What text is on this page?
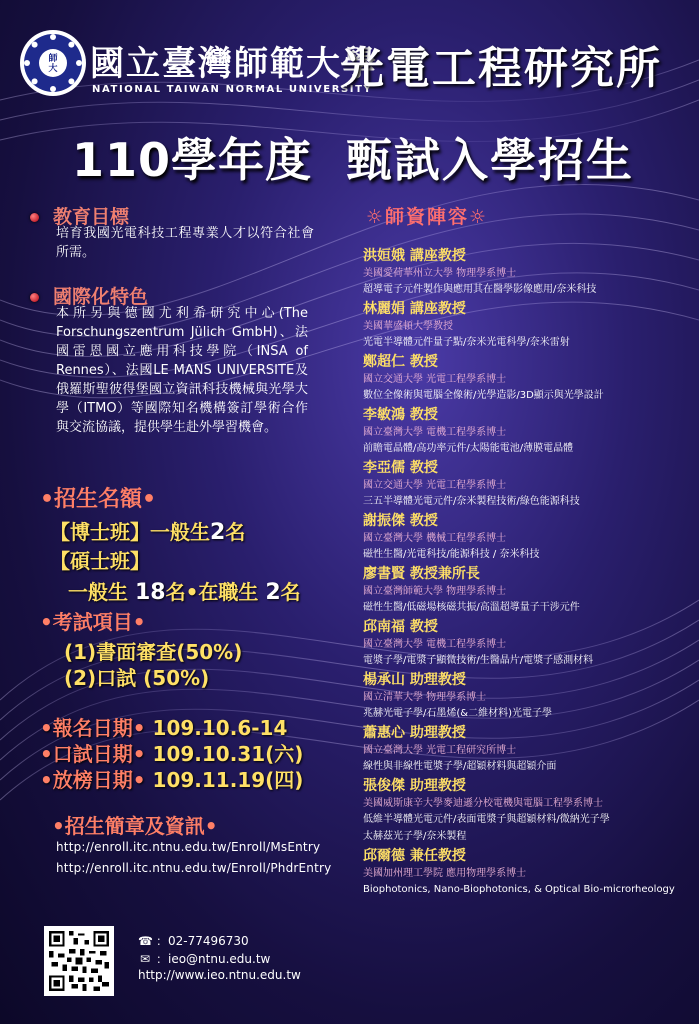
師
大 國立臺灣師範大學
NATIONAL TAIWAN NORMAL UNIVERSITY
光電工程研究所
110學年度 甄試入學招生
教育目標
培育我國光電科技工程專業人才以符合社會所需。
國際化特色
本所另與德國尤利希研究中心(The Forschungszentrum Jülich GmbH)、法國雷恩國立應用科技學院（INSA of Rennes）、法國LE MANS UNIVERSITE及俄羅斯聖彼得堡國立資訊科技機械與光學大學（ITMO）等國際知名機構簽訂學術合作與交流協議，提供學生赴外學習機會。
•招生名額•
【博士班】一般生2名
【碩士班】
一般生 18名•在職生 2名
•考試項目•
(1)書面審查(50%)
(2)口試 (50%)
•報名日期• 109.10.6-14
•口試日期• 109.10.31(六)
•放榜日期• 109.11.19(四)
•招生簡章及資訊•
http://enroll.itc.ntnu.edu.tw/Enroll/MsEntry
http://enroll.itc.ntnu.edu.tw/Enroll/PhdrEntry
☼師資陣容☼
洪姮娥 講座教授
美國愛荷華州立大學 物理學系博士
超導電子元件製作與應用其在醫學影像應用/奈米科技
林麗娟 講座教授
美國華盛頓大學教授
光電半導體元件量子點/奈米光電科學/奈米雷射
鄭超仁 教授
國立交通大學 光電工程學系博士
數位全像術與電腦全像術/光學造影/3D顯示與光學設計
李敏鴻 教授
國立臺灣大學 電機工程學系博士
前瞻電晶體/高功率元件/太陽能電池/薄膜電晶體
李亞儒 教授
國立交通大學 光電工程學系博士
三五半導體光電元件/奈米製程技術/綠色能源科技
謝振傑 教授
國立臺灣大學 機械工程學系博士
磁性生醫/光電科技/能源科技 / 奈米科技
廖書賢 教授兼所長
國立臺灣師範大學 物理學系博士
磁性生醫/低磁場核磁共振/高溫超導量子干涉元件
邱南福 教授
國立臺灣大學 電機工程學系博士
電漿子學/電漿子顯微技術/生醫晶片/電漿子感測材料
楊承山 助理教授
國立清華大學 物理學系博士
兆赫光電子學/石墨烯(&二維材料)光電子學
蕭惠心 助理教授
國立臺灣大學 光電工程研究所博士
線性與非線性電漿子學/超穎材料與超穎介面
張俊傑 助理教授
美國威斯康辛大學麥迪遜分校電機與電腦工程學系博士
低維半導體光電元件/表面電漿子與超穎材料/微納光子學
太赫茲光子學/奈米製程
邱爾德 兼任教授
美國加州理工學院 應用物理學系博士
Biophotonics, Nano-Biophotonics, & Optical Bio-microrheology
☎ ：02-77496730
✉ ：ieo@ntnu.edu.tw
http://www.ieo.ntnu.edu.tw
